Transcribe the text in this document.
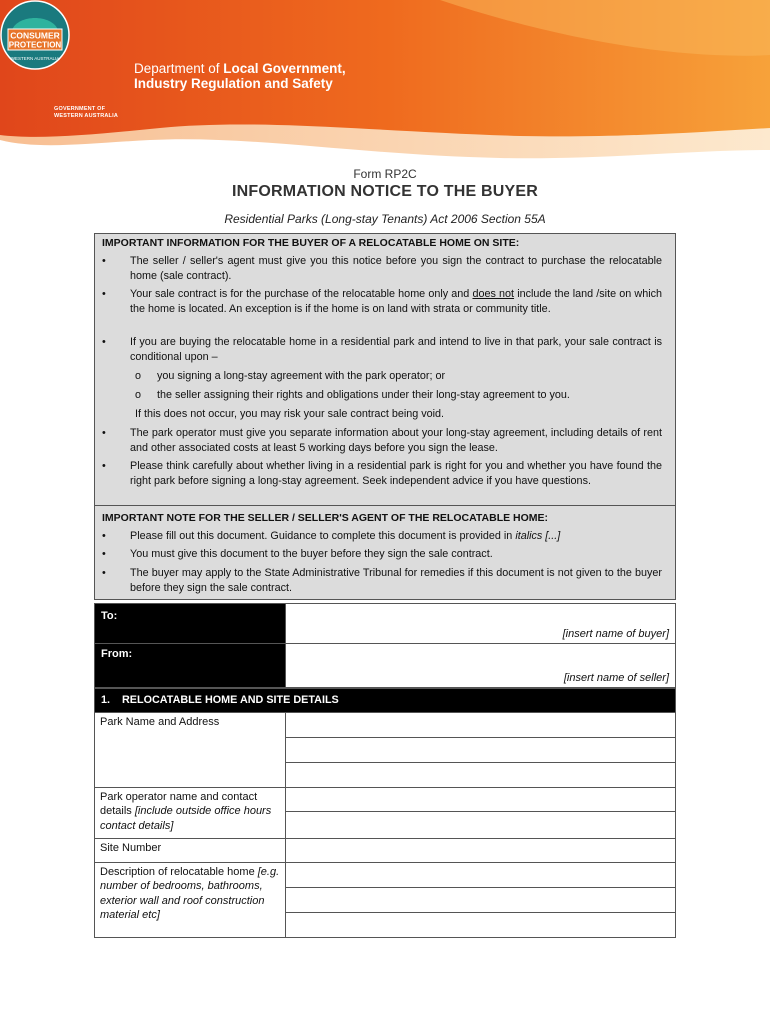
GOVERNMENT OF
WESTERN AUSTRALIA
Department of Local Government,
Industry Regulation and Safety
CONSUMER
PROTECTION
WESTERN AUSTRALIA
Form RP2C
INFORMATION NOTICE TO THE BUYER
Residential Parks (Long-stay Tenants) Act 2006 Section 55A
IMPORTANT INFORMATION FOR THE BUYER OF A RELOCATABLE HOME ON SITE:
• The seller / seller's agent must give you this notice before you sign the contract to purchase the relocatable home (sale contract).
• Your sale contract is for the purchase of the relocatable home only and does not include the land /site on which the home is located. An exception is if the home is on land with strata or community title.
• If you are buying the relocatable home in a residential park and intend to live in that park, your sale contract is conditional upon –
o you signing a long-stay agreement with the park operator; or
o the seller assigning their rights and obligations under their long-stay agreement to you.
If this does not occur, you may risk your sale contract being void.
• The park operator must give you separate information about your long-stay agreement, including details of rent and other associated costs at least 5 working days before you sign the lease.
• Please think carefully about whether living in a residential park is right for you and whether you have found the right park before signing a long-stay agreement. Seek independent advice if you have questions.
IMPORTANT NOTE FOR THE SELLER / SELLER'S AGENT OF THE RELOCATABLE HOME:
• Please fill out this document. Guidance to complete this document is provided in italics [...]
• You must give this document to the buyer before they sign the sale contract.
• The buyer may apply to the State Administrative Tribunal for remedies if this document is not given to the buyer before they sign the sale contract.
To:	[insert name of buyer]
From:	[insert name of seller]
1.    RELOCATABLE HOME AND SITE DETAILS	
Park Name and Address	

Park operator name and contact details [include outside office hours contact details]	

Site Number	
Description of relocatable home [e.g. number of bedrooms, bathrooms, exterior wall and roof construction material etc]	
